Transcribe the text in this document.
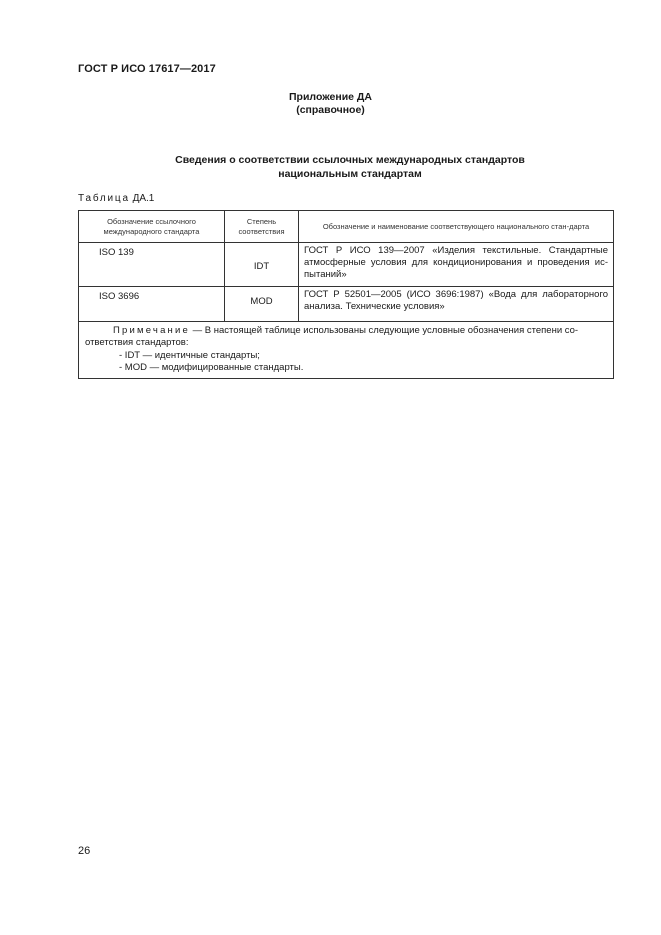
ГОСТ Р ИСО 17617—2017
Приложение ДА
(справочное)
Сведения о соответствии ссылочных международных стандартов
национальным стандартам
Таблица ДА.1
Обозначение ссылочного международного стандарта	Степень соответствия	Обозначение и наименование соответствующего национального стан-дарта
ISO 139	IDT	ГОСТ Р ИСО 139—2007 «Изделия текстильные. Стандартные атмосферные условия для кондиционирования и проведения ис-пытаний»
ISO 3696	MOD	ГОСТ Р 52501—2005 (ИСО 3696:1987) «Вода для лабораторного анализа. Технические условия»

Примечание — В настоящей таблице использованы следующие условные обозначения степени со-ответствия стандартов:
- IDT — идентичные стандарты;
- MOD — модифицированные стандарты.		
26
